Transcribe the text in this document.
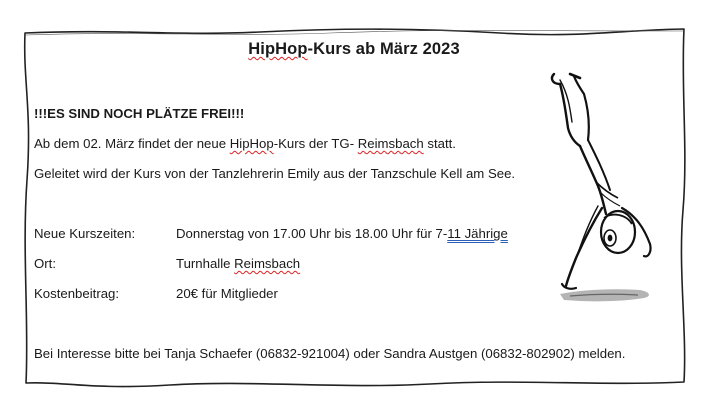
HipHop-Kurs ab März 2023
!!!ES SIND NOCH PLÄTZE FREI!!!
Ab dem 02. März findet der neue HipHop-Kurs der TG- Reimsbach statt.
Geleitet wird der Kurs von der Tanzlehrerin Emily aus der Tanzschule Kell am See.
Neue Kurszeiten:	Donnerstag von 17.00 Uhr bis 18.00 Uhr für 7-11 Jährige
Ort:	Turnhalle Reimsbach
Kostenbeitrag:	20€ für Mitglieder
Bei Interesse bitte bei Tanja Schaefer (06832-921004) oder Sandra Austgen (06832-802902) melden.
